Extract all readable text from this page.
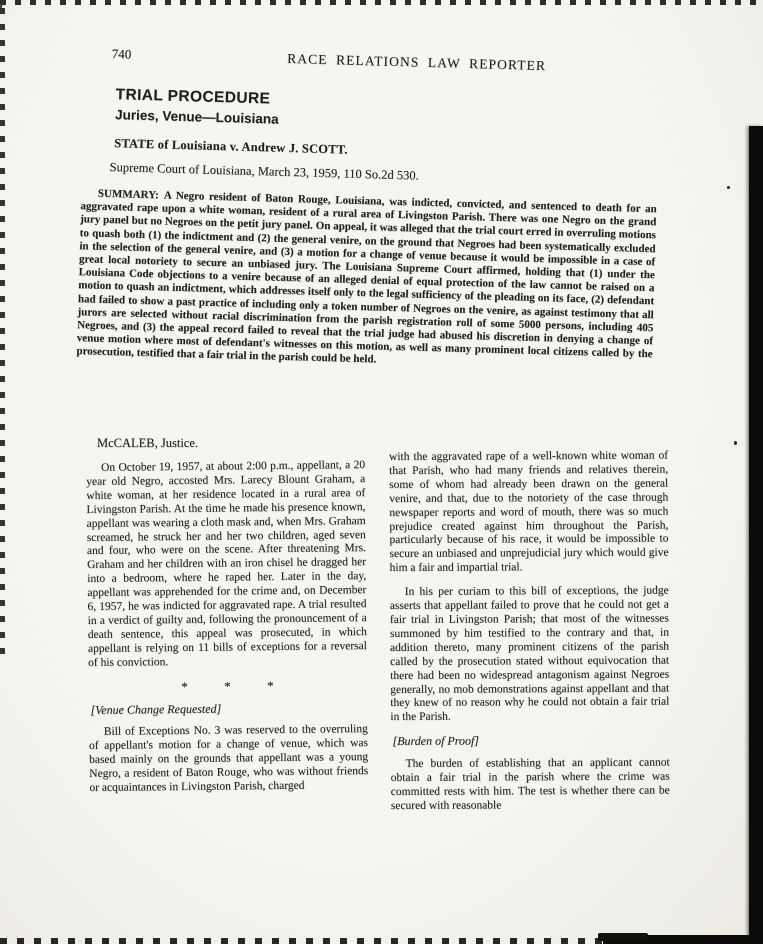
740	RACE RELATIONS LAW REPORTER
TRIAL PROCEDURE
Juries, Venue—Louisiana
STATE of Louisiana v. Andrew J. SCOTT.
Supreme Court of Louisiana, March 23, 1959, 110 So.2d 530.

SUMMARY: A Negro resident of Baton Rouge, Louisiana, was indicted, convicted, and sentenced to death for an aggravated rape upon a white woman, resident of a rural area of Livingston Parish. There was one Negro on the grand jury panel but no Negroes on the petit jury panel. On appeal, it was alleged that the trial court erred in overruling motions to quash both (1) the indictment and (2) the general venire, on the ground that Negroes had been systematically excluded in the selection of the general venire, and (3) a motion for a change of venue because it would be impossible in a case of great local notoriety to secure an unbiased jury. The Louisiana Supreme Court affirmed, holding that (1) under the Louisiana Code objections to a venire because of an alleged denial of equal protection of the law cannot be raised on a motion to quash an indictment, which addresses itself only to the legal sufficiency of the pleading on its face, (2) defendant had failed to show a past practice of including only a token number of Negroes on the venire, as against testimony that all jurors are selected without racial discrimination from the parish registration roll of some 5000 persons, including 405 Negroes, and (3) the appeal record failed to reveal that the trial judge had abused his discretion in denying a change of venue motion where most of defendant's witnesses on this motion, as well as many prominent local citizens called by the prosecution, testified that a fair trial in the parish could be held.

McCALEB, Justice.

On October 19, 1957, at about 2:00 p.m., appellant, a 20 year old Negro, accosted Mrs. Larecy Blount Graham, a white woman, at her residence located in a rural area of Livingston Parish. At the time he made his presence known, appellant was wearing a cloth mask and, when Mrs. Graham screamed, he struck her and her two children, aged seven and four, who were on the scene. After threatening Mrs. Graham and her children with an iron chisel he dragged her into a bedroom, where he raped her. Later in the day, appellant was apprehended for the crime and, on December 6, 1957, he was indicted for aggravated rape. A trial resulted in a verdict of guilty and, following the pronouncement of a death sentence, this appeal was prosecuted, in which appellant is relying on 11 bills of exceptions for a reversal of his conviction.

* * *
[Venue Change Requested]

Bill of Exceptions No. 3 was reserved to the overruling of appellant's motion for a change of venue, which was based mainly on the grounds that appellant was a young Negro, a resident of Baton Rouge, who was without friends or acquaintances in Livingston Parish, charged

with the aggravated rape of a well-known white woman of that Parish, who had many friends and relatives therein, some of whom had already been drawn on the general venire, and that, due to the notoriety of the case through newspaper reports and word of mouth, there was so much prejudice created against him throughout the Parish, particularly because of his race, it would be impossible to secure an unbiased and unprejudicial jury which would give him a fair and impartial trial.

In his per curiam to this bill of exceptions, the judge asserts that appellant failed to prove that he could not get a fair trial in Livingston Parish; that most of the witnesses summoned by him testified to the contrary and that, in addition thereto, many prominent citizens of the parish called by the prosecution stated without equivocation that there had been no widespread antagonism against Negroes generally, no mob demonstrations against appellant and that they knew of no reason why he could not obtain a fair trial in the Parish.

[Burden of Proof]

The burden of establishing that an applicant cannot obtain a fair trial in the parish where the crime was committed rests with him. The test is whether there can be secured with reasonable
